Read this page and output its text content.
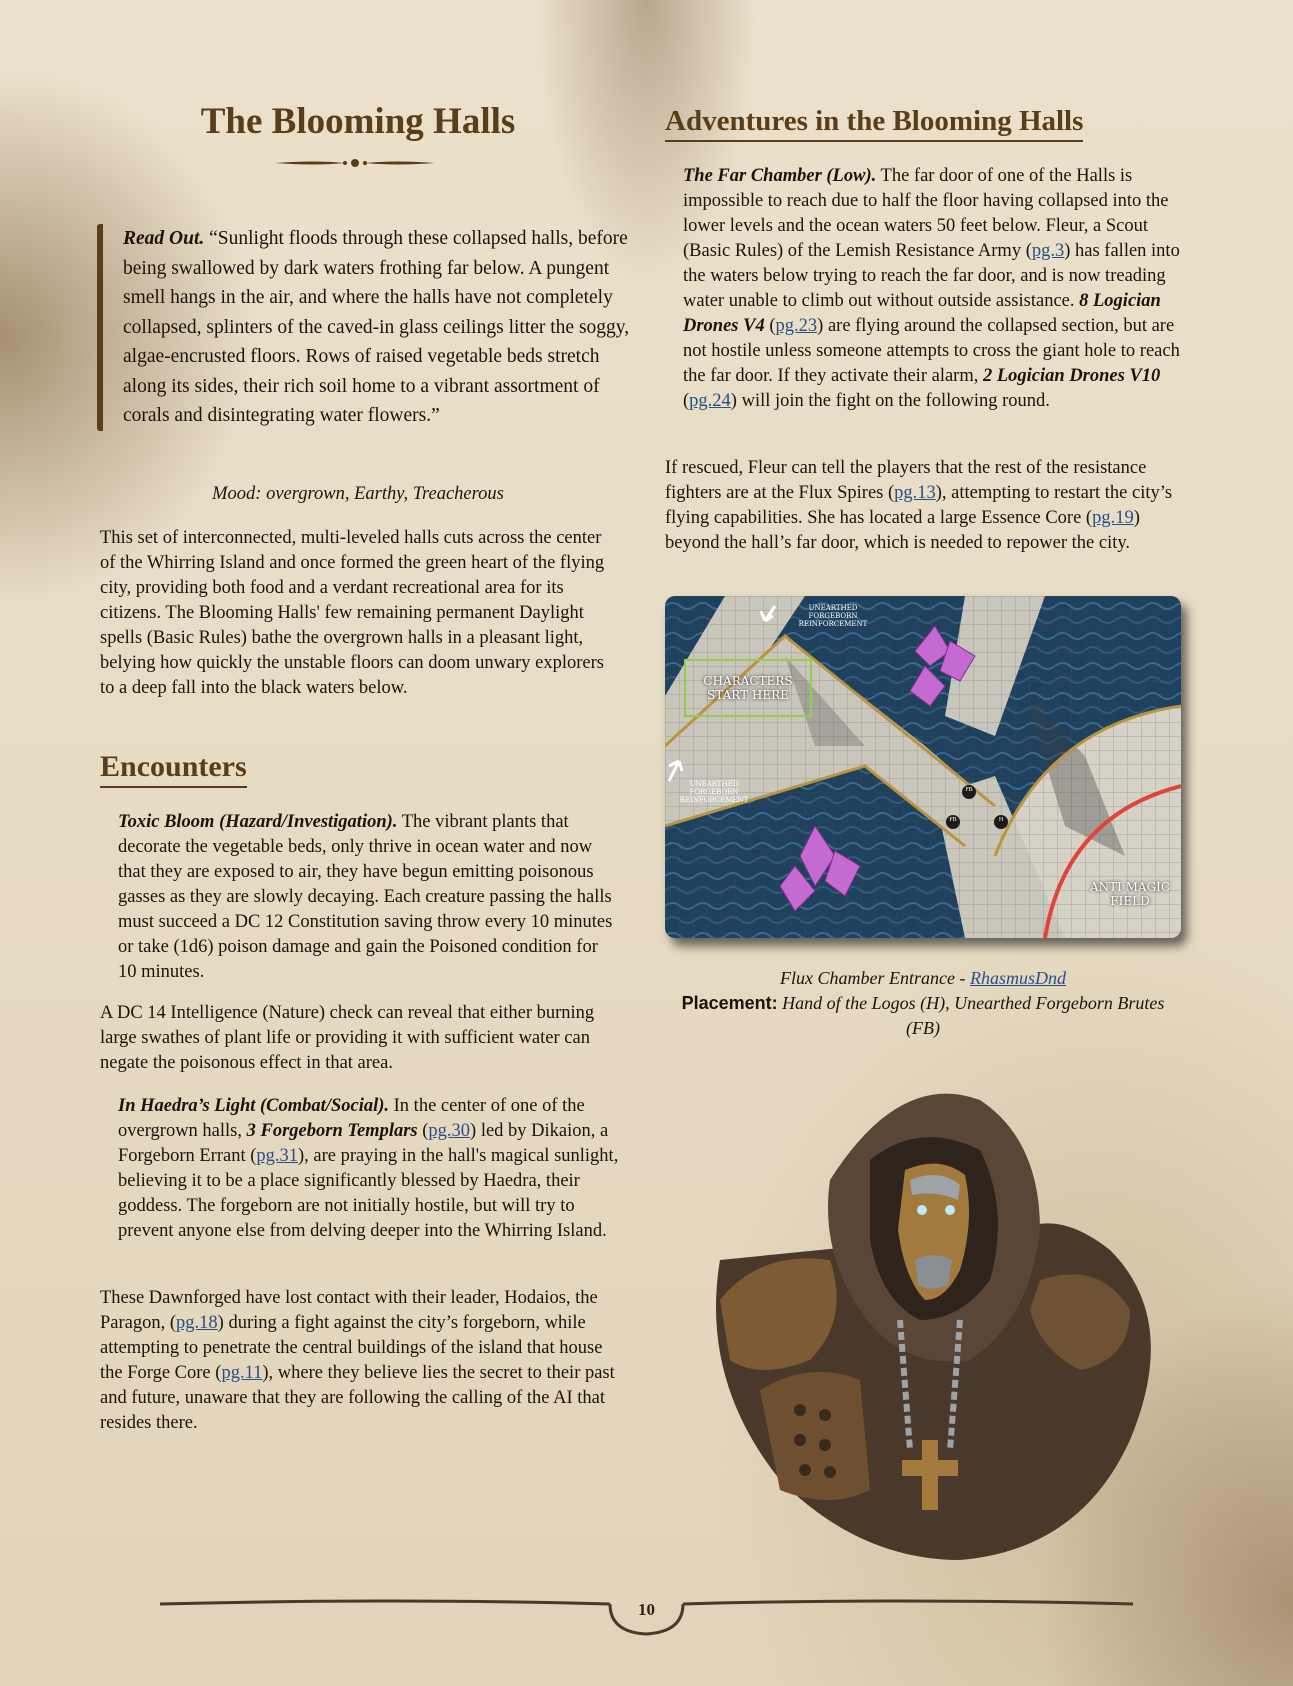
The Blooming Halls
Read Out. “Sunlight floods through these collapsed halls, before being swallowed by dark waters frothing far below. A pungent smell hangs in the air, and where the halls have not completely collapsed, splinters of the caved-in glass ceilings litter the soggy, algae-encrusted floors. Rows of raised vegetable beds stretch along its sides, their rich soil home to a vibrant assortment of corals and disintegrating water flowers.”
Mood: overgrown, Earthy, Treacherous

This set of interconnected, multi-leveled halls cuts across the center of the Whirring Island and once formed the green heart of the flying city, providing both food and a verdant recreational area for its citizens. The Blooming Halls' few remaining permanent Daylight spells (Basic Rules) bathe the overgrown halls in a pleasant light, belying how quickly the unstable floors can doom unwary explorers to a deep fall into the black waters below.

Encounters

Toxic Bloom (Hazard/Investigation). The vibrant plants that decorate the vegetable beds, only thrive in ocean water and now that they are exposed to air, they have begun emitting poisonous gasses as they are slowly decaying. Each creature passing the halls must succeed a DC 12 Constitution saving throw every 10 minutes or take (1d6) poison damage and gain the Poisoned condition for 10 minutes.

A DC 14 Intelligence (Nature) check can reveal that either burning large swathes of plant life or providing it with sufficient water can negate the poisonous effect in that area.

In Haedra’s Light (Combat/Social). In the center of one of the overgrown halls, 3 Forgeborn Templars (pg.30) led by Dikaion, a Forgeborn Errant (pg.31), are praying in the hall's magical sunlight, believing it to be a place significantly blessed by Haedra, their goddess. The forgeborn are not initially hostile, but will try to prevent anyone else from delving deeper into the Whirring Island.

These Dawnforged have lost contact with their leader, Hodaios, the Paragon, (pg.18) during a fight against the city’s forgeborn, while attempting to penetrate the central buildings of the island that house the Forge Core (pg.11), where they believe lies the secret to their past and future, unaware that they are following the calling of the AI that resides there.

Adventures in the Blooming Halls

The Far Chamber (Low). The far door of one of the Halls is impossible to reach due to half the floor having collapsed into the lower levels and the ocean waters 50 feet below. Fleur, a Scout (Basic Rules) of the Lemish Resistance Army (pg.3) has fallen into the waters below trying to reach the far door, and is now treading water unable to climb out without outside assistance. 8 Logician Drones V4 (pg.23) are flying around the collapsed section, but are not hostile unless someone attempts to cross the giant hole to reach the far door. If they activate their alarm, 2 Logician Drones V10 (pg.24) will join the fight on the following round.

If rescued, Fleur can tell the players that the rest of the resistance fighters are at the Flux Spires (pg.13), attempting to restart the city’s flying capabilities. She has located a large Essence Core (pg.19) beyond the hall’s far door, which is needed to repower the city.

UNEARTHED FORGEBORN REINFORCEMENT
CHARACTERS START HERE
UNEARTHED FORGEBORN REINFORCEMENT
ANTI MAGIC FIELD
FB
FB	H
Flux Chamber Entrance - RhasmusDnd
Placement: Hand of the Logos (H), Unearthed Forgeborn Brutes (FB)
10
